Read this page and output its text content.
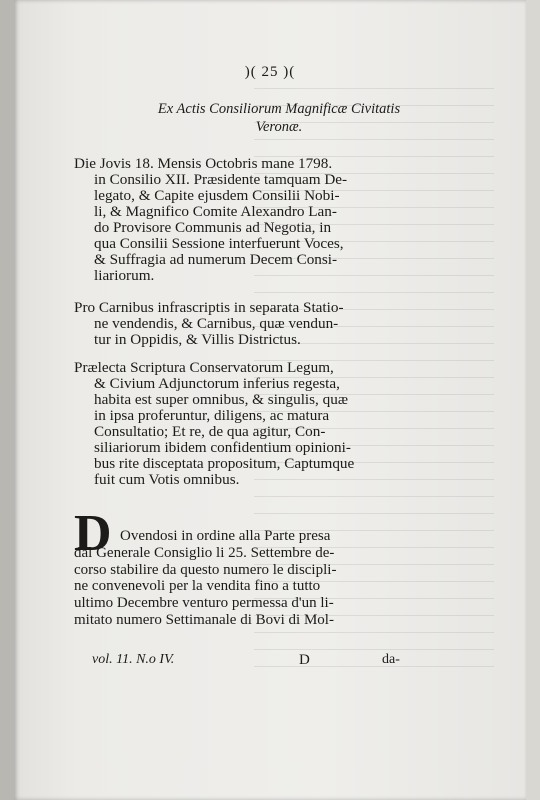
)( 25 )(
Ex Actis Consiliorum Magnificæ Civitatis
Veronæ.
Die Jovis 18. Mensis Octobris mane 1798.
in Consilio XII. Præsidente tamquam De-
legato, & Capite ejusdem Consilii Nobi-
li, & Magnifico Comite Alexandro Lan-
do Provisore Communis ad Negotia, in
qua Consilii Sessione interfuerunt Voces,
& Suffragia ad numerum Decem Consi-
liariorum.
Pro Carnibus infrascriptis in separata Statio-
ne vendendis, & Carnibus, quæ vendun-
tur in Oppidis, & Villis Districtus.
Prælecta Scriptura Conservatorum Legum,
& Civium Adjunctorum inferius regesta,
habita est super omnibus, & singulis, quæ
in ipsa proferuntur, diligens, ac matura
Consultatio; Et re, de qua agitur, Con-
siliariorum ibidem confidentium opinioni-
bus rite disceptata propositum, Captumque
fuit cum Votis omnibus.
D Ovendosi in ordine alla Parte presa
dal Generale Consiglio li 25. Settembre de-
corso stabilire da questo numero le discipli-
ne convenevoli per la vendita fino a tutto
ultimo Decembre venturo permessa d'un li-
mitato numero Settimanale di Bovi di Mol-
vol. 11. N.o IV.	D	da-
